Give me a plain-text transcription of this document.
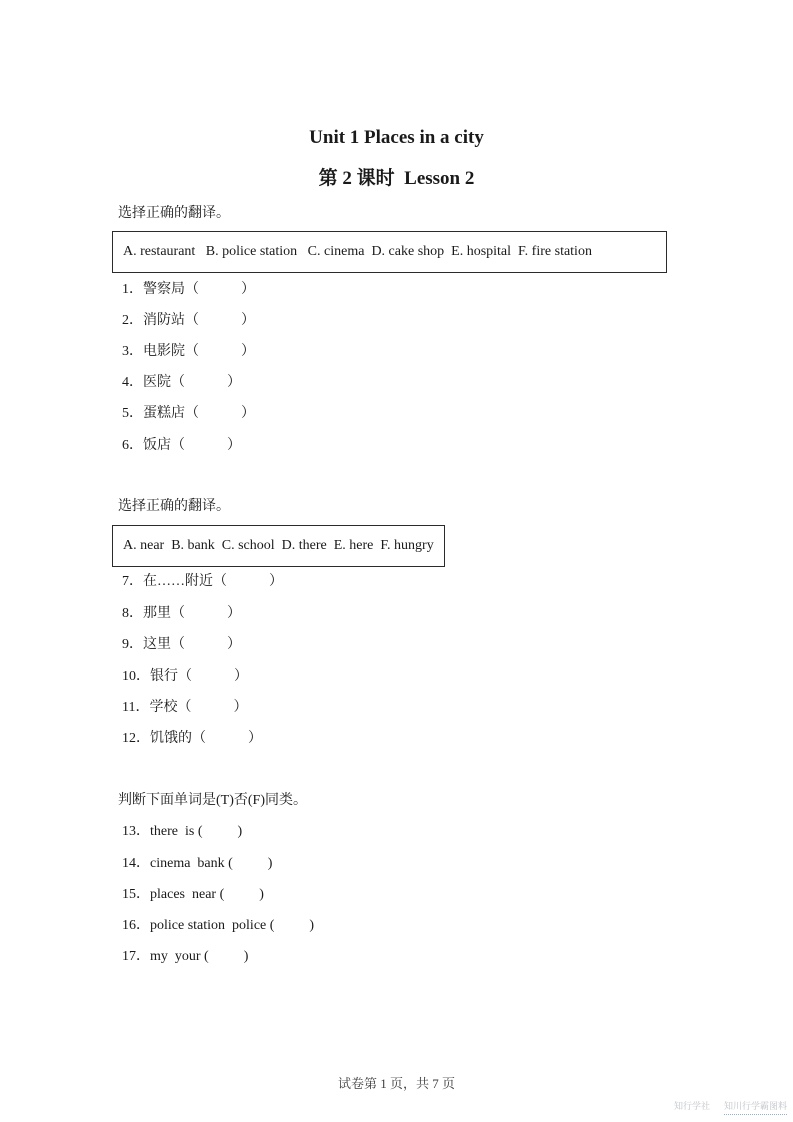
Unit 1 Places in a city
第 2 课时  Lesson 2
选择正确的翻译。
A. restaurant   B. police station   C. cinema  D. cake shop  E. hospital  F. fire station
1．警察局（　　　）
2．消防站（　　　）
3．电影院（　　　）
4．医院（　　　）
5．蛋糕店（　　　）
6．饭店（　　　）
选择正确的翻译。
A. near  B. bank  C. school  D. there  E. here  F. hungry
7．在……附近（　　　）
8．那里（　　　）
9．这里（　　　）
10．银行（　　　）
11．学校（　　　）
12．饥饿的（　　　）
判断下面单词是(T)否(F)同类。
13．there  is (          )
14．cinema  bank (          )
15．places  near (          )
16．police station  police (          )
17．my  your (          )
试卷第 1 页，共 7 页
知行学社 知川行学霸图料
